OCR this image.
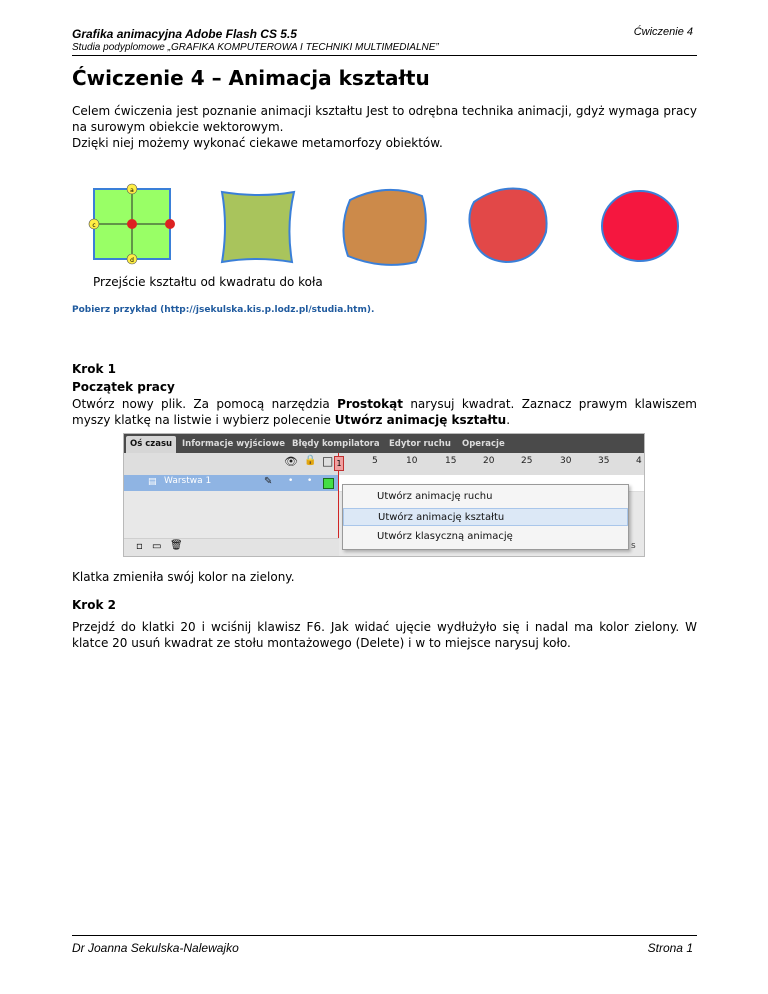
Grafika animacyjna Adobe Flash CS 5.5
Studia podyplomowe „GRAFIKA KOMPUTEROWA I TECHNIKI MULTIMEDIALNE”
Ćwiczenie 4
Ćwiczenie 4 – Animacja kształtu
Celem ćwiczenia jest poznanie animacji kształtu Jest to odrębna technika animacji, gdyż wymaga pracy na surowym obiekcie wektorowym.
Dzięki niej możemy wykonać ciekawe metamorfozy obiektów.
a
c
d
Przejście kształtu od kwadratu do koła
Pobierz przykład (http://jsekulska.kis.p.lodz.pl/studia.htm).
Krok 1
Początek pracy
Otwórz nowy plik. Za pomocą narzędzia Prostokąt narysuj kwadrat. Zaznacz prawym klawiszem myszy klatkę na listwie i wybierz polecenie Utwórz animację kształtu.
Oś czasu	Informacje wyjściowe Błędy kompilatora	Edytor ruchu	Operacje
👁 🔒 □	5	10	15	20	25	30	35	4
▤ Warstwa 1	✎ • •
1
Utwórz animację ruchu
Utwórz animację kształtu
Utwórz klasyczną animację
s
▫ ▭ 🗑
Klatka zmieniła swój kolor na zielony.
Krok 2
Przejdź do klatki 20 i wciśnij klawisz F6. Jak widać ujęcie wydłużyło się i nadal ma kolor zielony. W klatce 20 usuń kwadrat ze stołu montażowego (Delete) i w to miejsce narysuj koło.
Dr Joanna Sekulska-Nalewajko	Strona 1
